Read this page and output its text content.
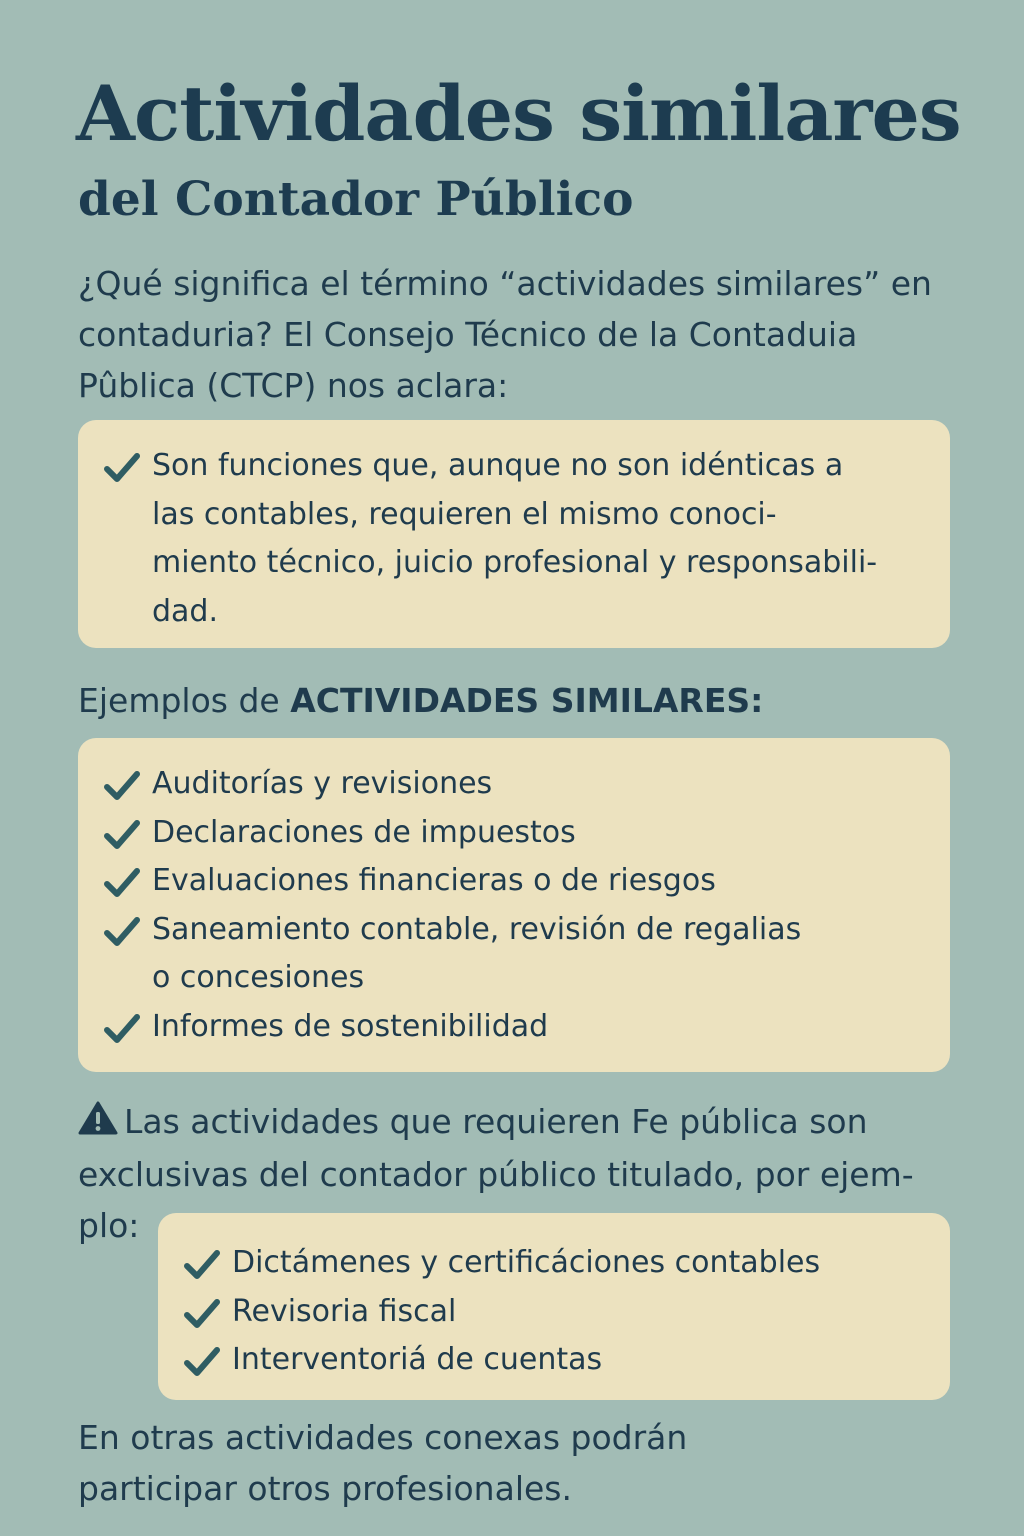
Actividades similares
del Contador Público

¿Qué significa el término “actividades similares” en contaduria? El Consejo Técnico de la Contaduia Pûblica (CTCP) nos aclara:

Son funciones que, aunque no son idénticas a
las contables, requieren el mismo conoci-
miento técnico, juicio profesional y responsabili-
dad.

Ejemplos de ACTIVIDADES SIMILARES:

Auditorías y revisiones
Declaraciones de impuestos
Evaluaciones financieras o de riesgos
Saneamiento contable, revisión de regalias
o concesiones
Informes de sostenibilidad
Las actividades que requieren Fe pública son
exclusivas del contador público titulado, por ejem-
plo:
Dictámenes y certificáciones contables
Revisoria fiscal
Interventoriá de cuentas
En otras actividades conexas podrán
participar otros profesionales.
